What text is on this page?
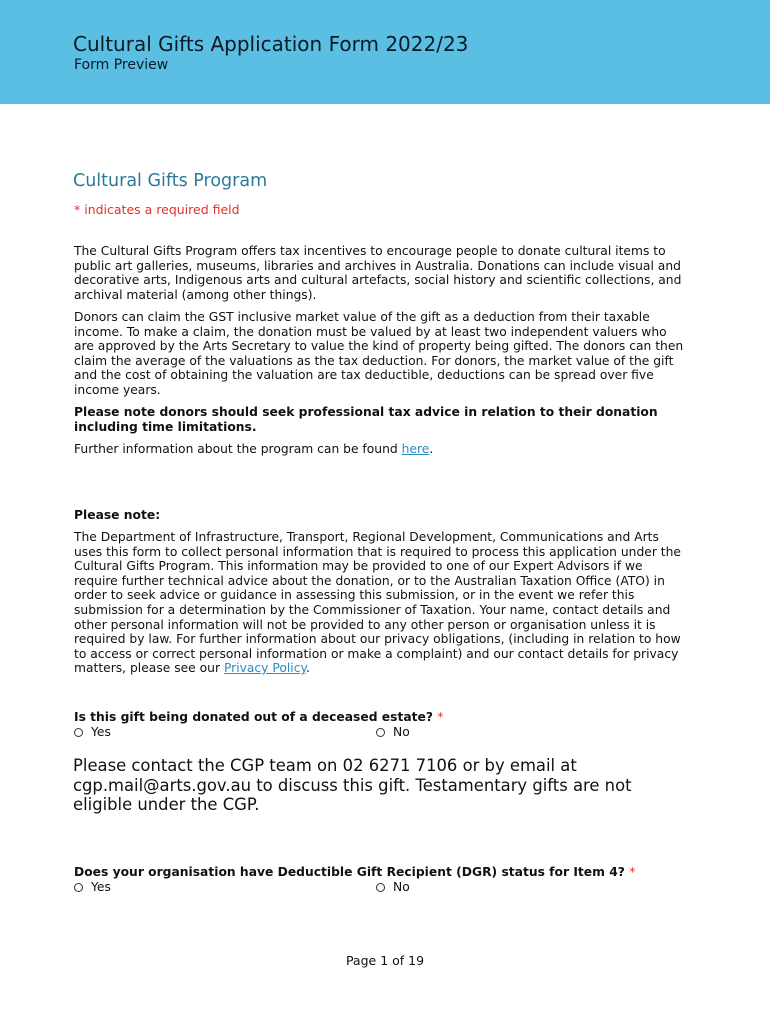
Cultural Gifts Application Form 2022/23
Form Preview
Cultural Gifts Program
* indicates a required field
The Cultural Gifts Program offers tax incentives to encourage people to donate cultural items to public art galleries, museums, libraries and archives in Australia. Donations can include visual and decorative arts, Indigenous arts and cultural artefacts, social history and scientific collections, and archival material (among other things).
Donors can claim the GST inclusive market value of the gift as a deduction from their taxable income. To make a claim, the donation must be valued by at least two independent valuers who are approved by the Arts Secretary to value the kind of property being gifted. The donors can then claim the average of the valuations as the tax deduction. For donors, the market value of the gift and the cost of obtaining the valuation are tax deductible, deductions can be spread over five income years.
Please note donors should seek professional tax advice in relation to their donation including time limitations.
Further information about the program can be found here.
Please note:
The Department of Infrastructure, Transport, Regional Development, Communications and Arts uses this form to collect personal information that is required to process this application under the Cultural Gifts Program. This information may be provided to one of our Expert Advisors if we require further technical advice about the donation, or to the Australian Taxation Office (ATO) in order to seek advice or guidance in assessing this submission, or in the event we refer this submission for a determination by the Commissioner of Taxation. Your name, contact details and other personal information will not be provided to any other person or organisation unless it is required by law. For further information about our privacy obligations, (including in relation to how to access or correct personal information or make a complaint) and our contact details for privacy matters, please see our Privacy Policy.
Is this gift being donated out of a deceased estate? *
Yes	No
Please contact the CGP team on 02 6271 7106 or by email at cgp.mail@arts.gov.au to discuss this gift. Testamentary gifts are not eligible under the CGP.
Does your organisation have Deductible Gift Recipient (DGR) status for Item 4? *
Yes	No
Page 1 of 19
